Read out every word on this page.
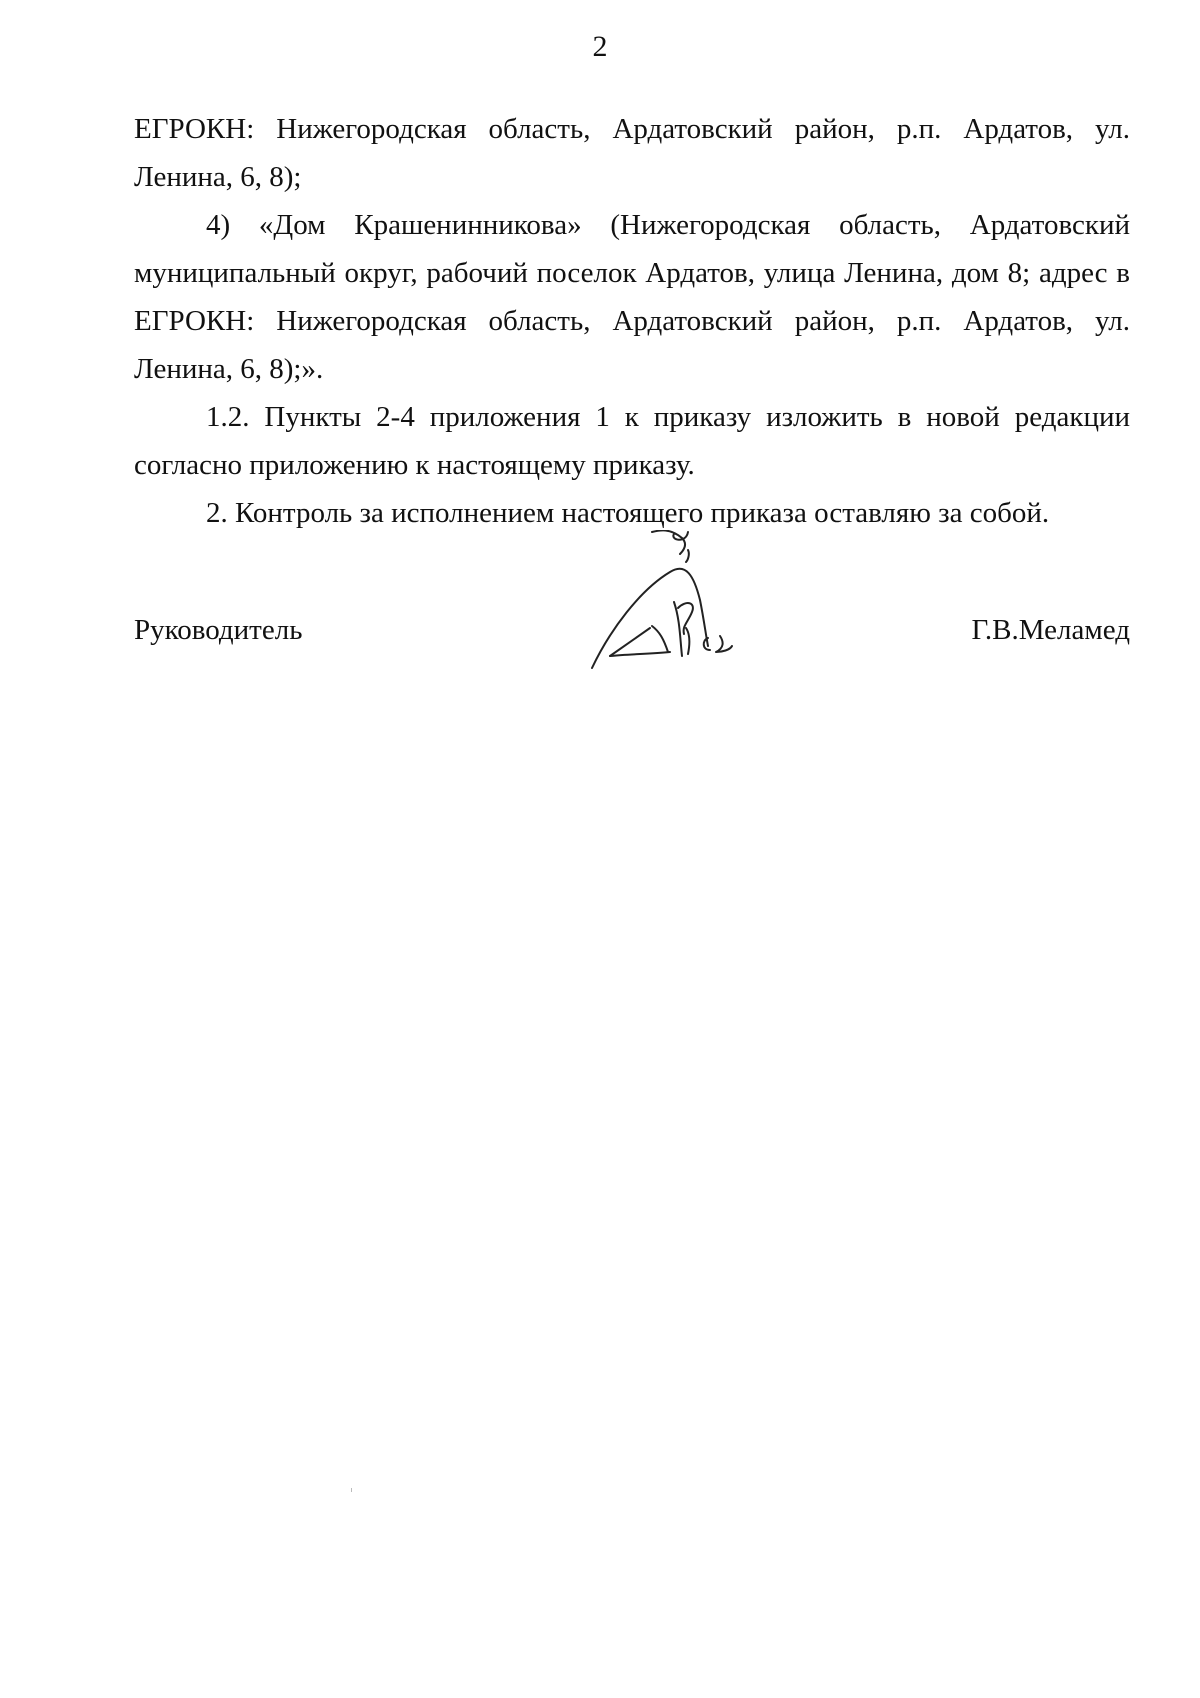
2

ЕГРОКН: Нижегородская область, Ардатовский район, р.п. Ардатов, ул. Ленина, 6, 8);

4) «Дом Крашенинникова» (Нижегородская область, Ардатовский муниципальный округ, рабочий поселок Ардатов, улица Ленина, дом 8; адрес в ЕГРОКН: Нижегородская область, Ардатовский район, р.п. Ардатов, ул. Ленина, 6, 8);».

1.2. Пункты 2-4 приложения 1 к приказу изложить в новой редакции согласно приложению к настоящему приказу.

2. Контроль за исполнением настоящего приказа оставляю за собой.

Руководитель	Г.В.Меламед
